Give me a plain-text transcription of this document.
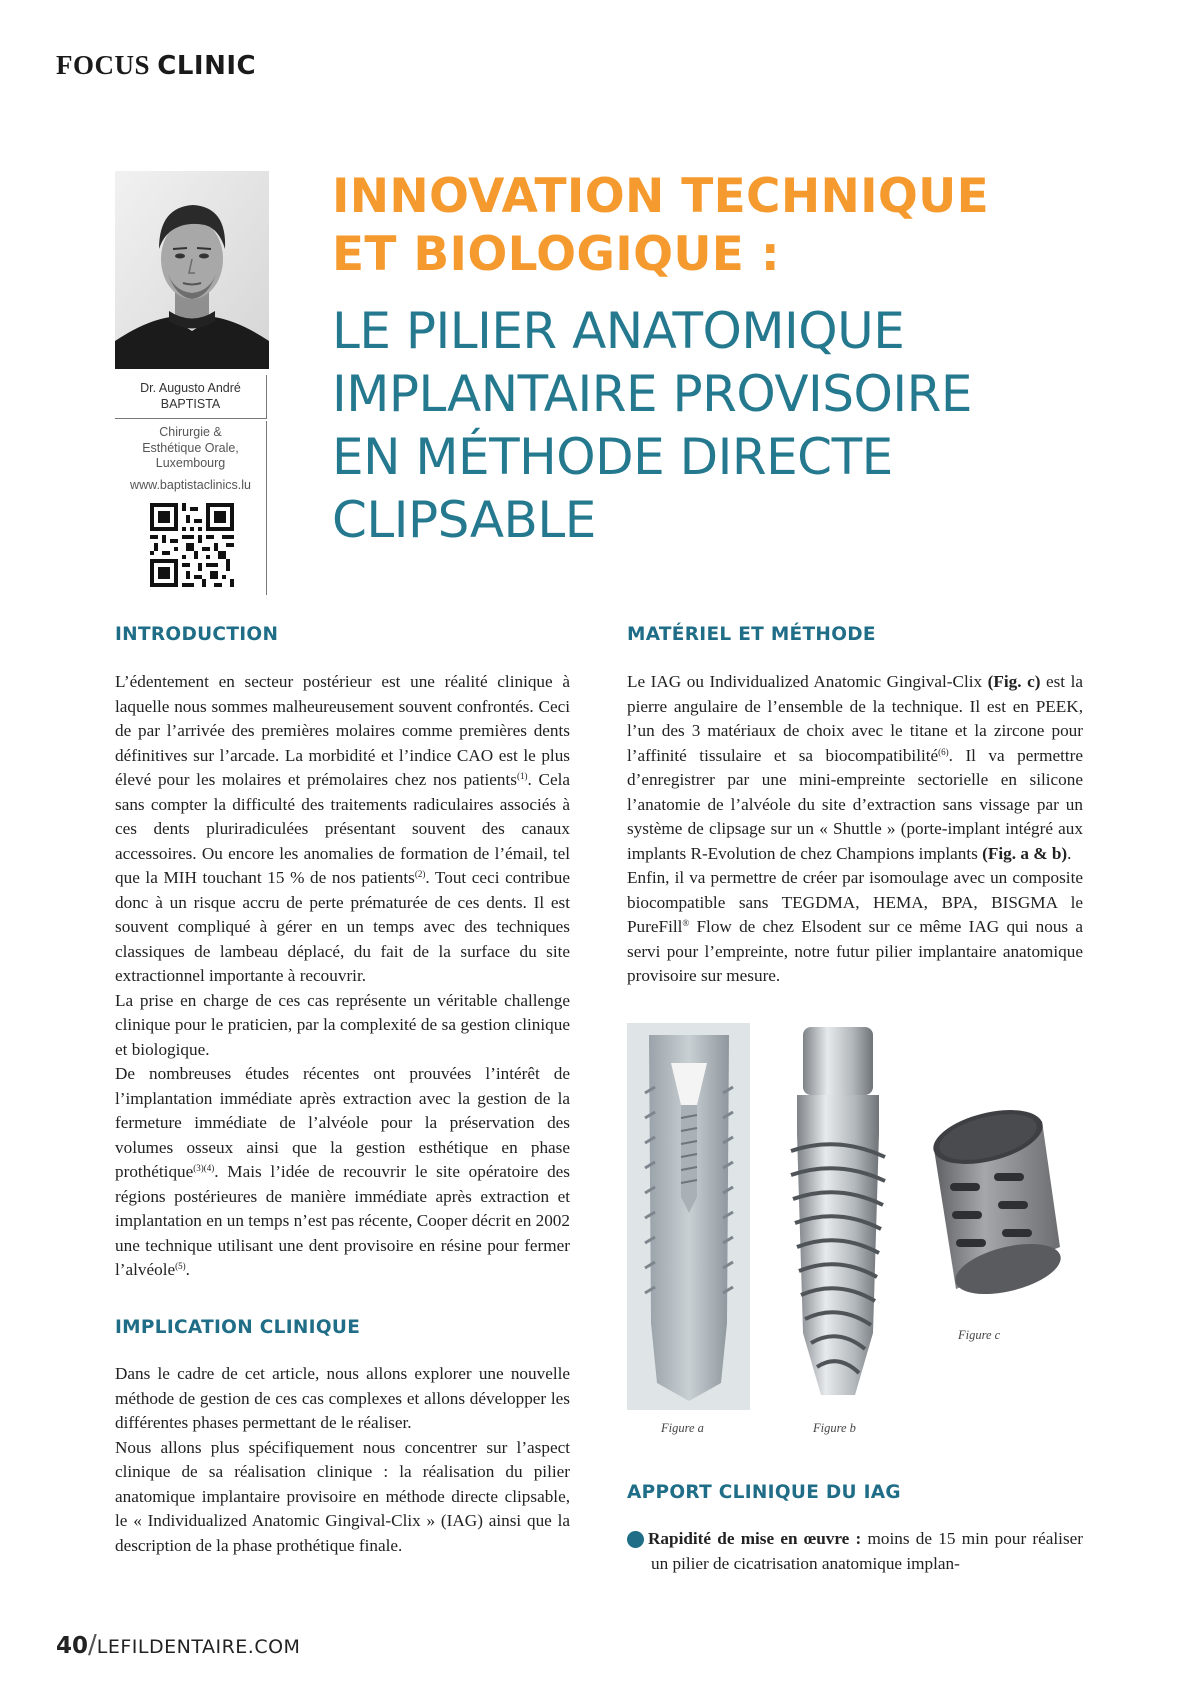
FOCUS CLINIC
Dr. Augusto André
BAPTISTA
Chirurgie &
Esthétique Orale,
Luxembourg
www.baptistaclinics.lu
INNOVATION TECHNIQUE
ET BIOLOGIQUE :
LE PILIER ANATOMIQUE
IMPLANTAIRE PROVISOIRE
EN MÉTHODE DIRECTE
CLIPSABLE
INTRODUCTION

L’édentement en secteur postérieur est une réalité clinique à laquelle nous sommes malheureusement souvent confrontés. Ceci de par l’arrivée des premières molaires comme premières dents définitives sur l’arcade. La morbidité et l’indice CAO est le plus élevé pour les molaires et prémolaires chez nos patients$^{(1)}$. Cela sans compter la difficulté des traitements radiculaires associés à ces dents pluriradiculées présentant souvent des canaux accessoires. Ou encore les anomalies de formation de l’émail, tel que la MIH touchant 15 % de nos patients$^{(2)}$. Tout ceci contribue donc à un risque accru de perte prématurée de ces dents. Il est souvent compliqué à gérer en un temps avec des techniques classiques de lambeau déplacé, du fait de la surface du site extractionnel importante à recouvrir.

La prise en charge de ces cas représente un véritable challenge clinique pour le praticien, par la complexité de sa gestion clinique et biologique.

De nombreuses études récentes ont prouvées l’intérêt de l’implantation immédiate après extraction avec la gestion de la fermeture immédiate de l’alvéole pour la préservation des volumes osseux ainsi que la gestion esthétique en phase prothétique$^{(3)(4)}$. Mais l’idée de recouvrir le site opératoire des régions postérieures de manière immédiate après extraction et implantation en un temps n’est pas récente, Cooper décrit en 2002 une technique utilisant une dent provisoire en résine pour fermer l’alvéole$^{(5)}$.

IMPLICATION CLINIQUE

Dans le cadre de cet article, nous allons explorer une nouvelle méthode de gestion de ces cas complexes et allons développer les différentes phases permettant de le réaliser.

Nous allons plus spécifiquement nous concentrer sur l’aspect clinique de sa réalisation clinique : la réalisation du pilier anatomique implantaire provisoire en méthode directe clipsable, le « Individualized Anatomic Gingival-Clix » (IAG) ainsi que la description de la phase prothétique finale.

MATÉRIEL ET MÉTHODE

Le IAG ou Individualized Anatomic Gingival-Clix (Fig. c) est la pierre angulaire de l’ensemble de la technique. Il est en PEEK, l’un des 3 matériaux de choix avec le titane et la zircone pour l’affinité tissulaire et sa biocompatibilité$^{(6)}$. Il va permettre d’enregistrer par une mini-empreinte sectorielle en silicone l’anatomie de l’alvéole du site d’extraction sans vissage par un système de clipsage sur un « Shuttle » (porte-implant intégré aux implants R-Evolution de chez Champions implants (Fig. a & b).

Enfin, il va permettre de créer par isomoulage avec un composite biocompatible sans TEGDMA, HEMA, BPA, BISGMA le PureFill® Flow de chez Elsodent sur ce même IAG qui nous a servi pour l’empreinte, notre futur pilier implantaire anatomique provisoire sur mesure.

Figure a	Figure b
Figure c
APPORT CLINIQUE DU IAG

1 Rapidité de mise en œuvre : moins de 15 min pour réaliser un pilier de cicatrisation anatomique implan-

40/LEFILDENTAIRE.COM
